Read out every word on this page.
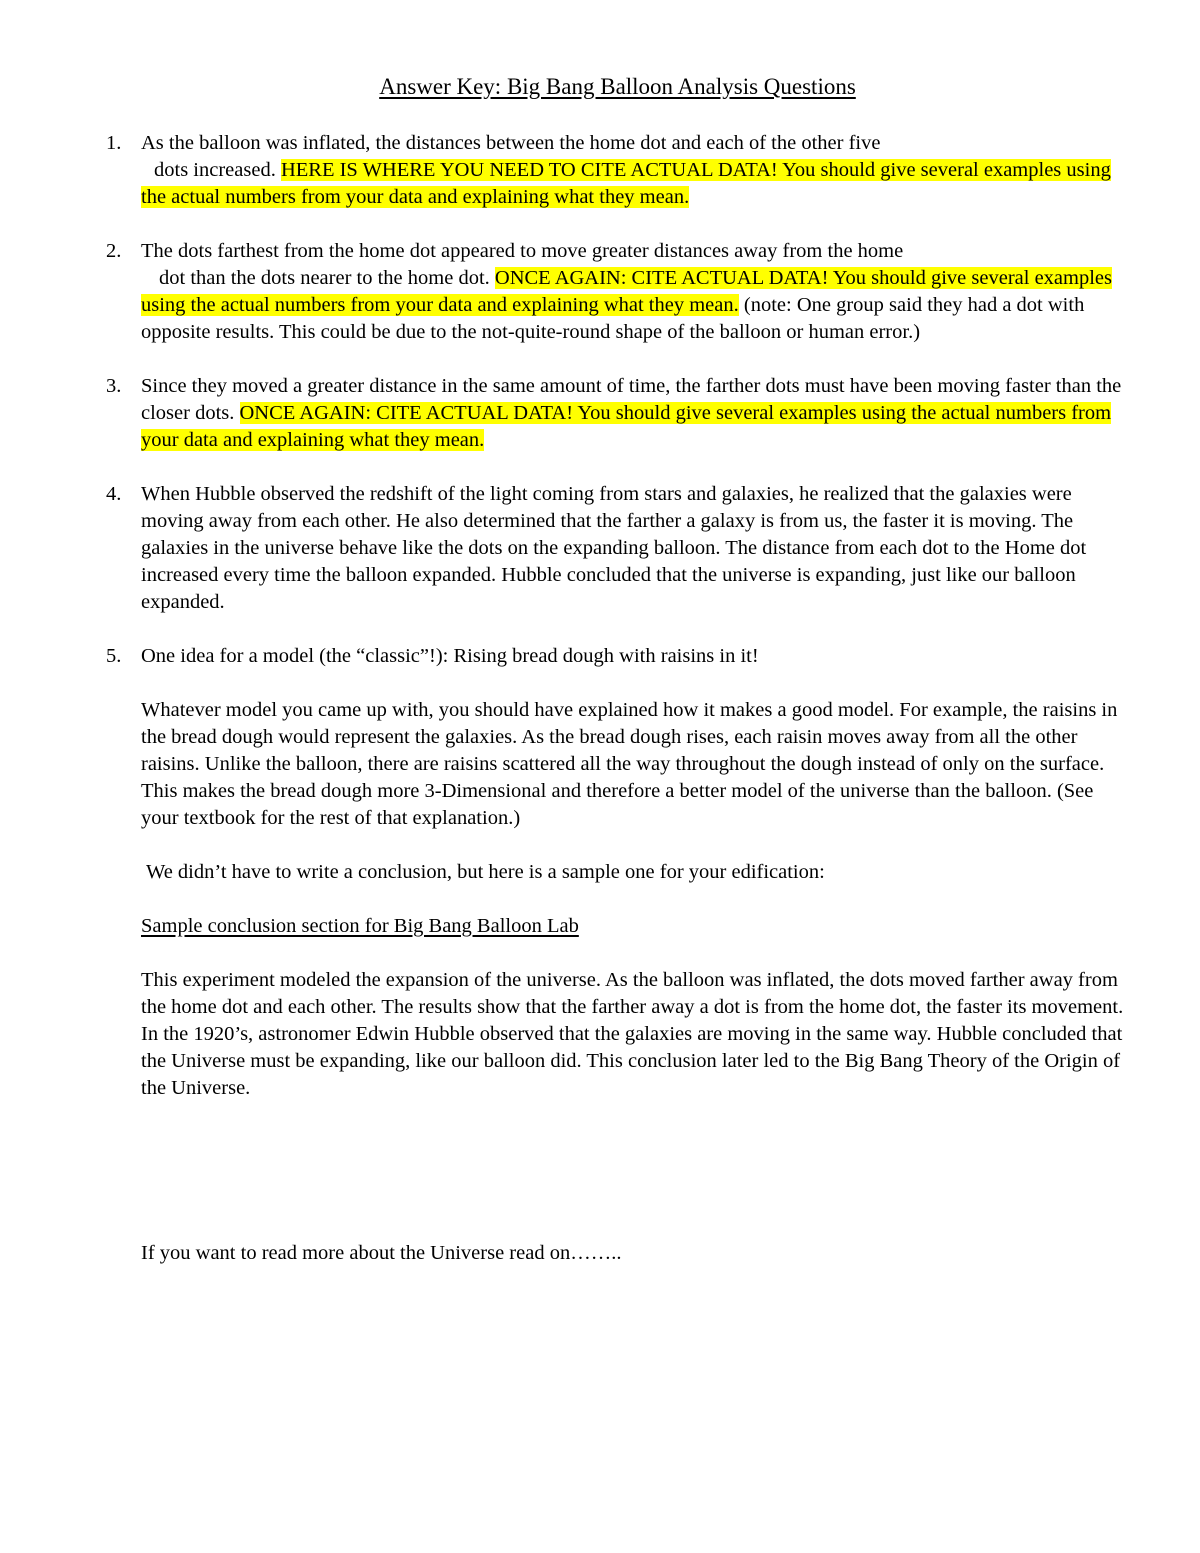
Answer Key: Big Bang Balloon Analysis Questions
1. As the balloon was inflated, the distances between the home dot and each of the other five
dots increased. HERE IS WHERE YOU NEED TO CITE ACTUAL DATA! You should give several examples using the actual numbers from your data and explaining what they mean.
2. The dots farthest from the home dot appeared to move greater distances away from the home
dot than the dots nearer to the home dot. ONCE AGAIN: CITE ACTUAL DATA! You should give several examples using the actual numbers from your data and explaining what they mean. (note: One group said they had a dot with opposite results. This could be due to the not-quite-round shape of the balloon or human error.)
3. Since they moved a greater distance in the same amount of time, the farther dots must have been moving faster than the closer dots. ONCE AGAIN: CITE ACTUAL DATA! You should give several examples using the actual numbers from your data and explaining what they mean.
4. When Hubble observed the redshift of the light coming from stars and galaxies, he realized that the galaxies were moving away from each other. He also determined that the farther a galaxy is from us, the faster it is moving. The galaxies in the universe behave like the dots on the expanding balloon. The distance from each dot to the Home dot increased every time the balloon expanded. Hubble concluded that the universe is expanding, just like our balloon expanded.
5. One idea for a model (the “classic”!): Rising bread dough with raisins in it!

Whatever model you came up with, you should have explained how it makes a good model. For example, the raisins in the bread dough would represent the galaxies. As the bread dough rises, each raisin moves away from all the other raisins. Unlike the balloon, there are raisins scattered all the way throughout the dough instead of only on the surface. This makes the bread dough more 3-Dimensional and therefore a better model of the universe than the balloon. (See your textbook for the rest of that explanation.)

We didn’t have to write a conclusion, but here is a sample one for your edification:

Sample conclusion section for Big Bang Balloon Lab

This experiment modeled the expansion of the universe. As the balloon was inflated, the dots moved farther away from the home dot and each other. The results show that the farther away a dot is from the home dot, the faster its movement. In the 1920’s, astronomer Edwin Hubble observed that the galaxies are moving in the same way. Hubble concluded that the Universe must be expanding, like our balloon did. This conclusion later led to the Big Bang Theory of the Origin of the Universe.

If you want to read more about the Universe read on……..
